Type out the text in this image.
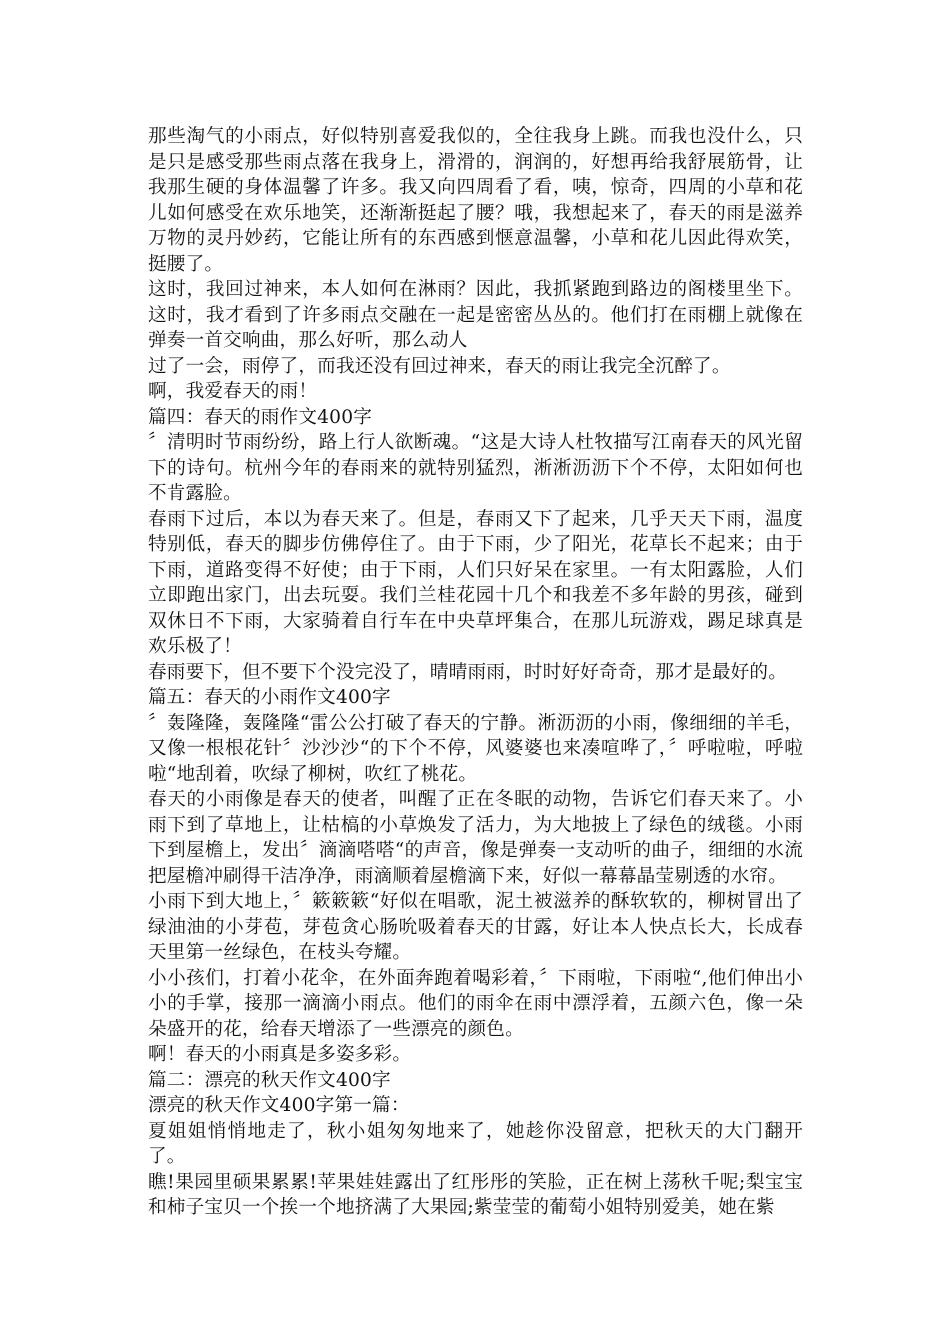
那些淘气的小雨点，好似特别喜爱我似的，全往我身上跳。而我也没什么，只是只是感受那些雨点落在我身上，滑滑的，润润的，好想再给我舒展筋骨，让我那生硬的身体温馨了许多。我又向四周看了看，咦，惊奇，四周的小草和花儿如何感受在欢乐地笑，还渐渐挺起了腰？哦，我想起来了，春天的雨是滋养万物的灵丹妙药，它能让所有的东西感到惬意温馨，小草和花儿因此得欢笑，挺腰了。

这时，我回过神来，本人如何在淋雨？因此，我抓紧跑到路边的阁楼里坐下。这时，我才看到了许多雨点交融在一起是密密丛丛的。他们打在雨棚上就像在弹奏一首交响曲，那么好听，那么动人

过了一会，雨停了，而我还没有回过神来，春天的雨让我完全沉醉了。

啊，我爱春天的雨！

篇四：春天的雨作文400字

〞清明时节雨纷纷，路上行人欲断魂。“这是大诗人杜牧描写江南春天的风光留下的诗句。杭州今年的春雨来的就特别猛烈，淅淅沥沥下个不停，太阳如何也不肯露脸。

春雨下过后，本以为春天来了。但是，春雨又下了起来，几乎天天下雨，温度特别低，春天的脚步仿佛停住了。由于下雨，少了阳光，花草长不起来；由于下雨，道路变得不好使；由于下雨，人们只好呆在家里。一有太阳露脸，人们立即跑出家门，出去玩耍。我们兰桂花园十几个和我差不多年龄的男孩，碰到双休日不下雨，大家骑着自行车在中央草坪集合，在那儿玩游戏，踢足球真是欢乐极了！

春雨要下，但不要下个没完没了，晴晴雨雨，时时好好奇奇，那才是最好的。

篇五：春天的小雨作文400字

〞轰隆隆，轰隆隆“雷公公打破了春天的宁静。淅沥沥的小雨，像细细的羊毛，又像一根根花针〞沙沙沙“的下个不停，风婆婆也来凑喧哗了，〞呼啦啦，呼啦啦“地刮着，吹绿了柳树，吹红了桃花。

春天的小雨像是春天的使者，叫醒了正在冬眠的动物，告诉它们春天来了。小雨下到了草地上，让枯槁的小草焕发了活力，为大地披上了绿色的绒毯。小雨下到屋檐上，发出〞滴滴嗒嗒“的声音，像是弹奏一支动听的曲子，细细的水流把屋檐冲刷得干洁净净，雨滴顺着屋檐滴下来，好似一幕幕晶莹剔透的水帘。

小雨下到大地上，〞簌簌簌“好似在唱歌，泥土被滋养的酥软软的，柳树冒出了绿油油的小芽苞，芽苞贪心肠吮吸着春天的甘露，好让本人快点长大，长成春天里第一丝绿色，在枝头夸耀。

小小孩们，打着小花伞，在外面奔跑着喝彩着，〞下雨啦，下雨啦“,他们伸出小小的手掌，接那一滴滴小雨点。他们的雨伞在雨中漂浮着，五颜六色，像一朵朵盛开的花，给春天增添了一些漂亮的颜色。

啊！春天的小雨真是多姿多彩。

篇二：漂亮的秋天作文400字

漂亮的秋天作文400字第一篇：

夏姐姐悄悄地走了，秋小姐匆匆地来了，她趁你没留意，把秋天的大门翻开了。

瞧!果园里硕果累累!苹果娃娃露出了红彤彤的笑脸，正在树上荡秋千呢;梨宝宝和柿子宝贝一个挨一个地挤满了大果园;紫莹莹的葡萄小姐特别爱美，她在紫
